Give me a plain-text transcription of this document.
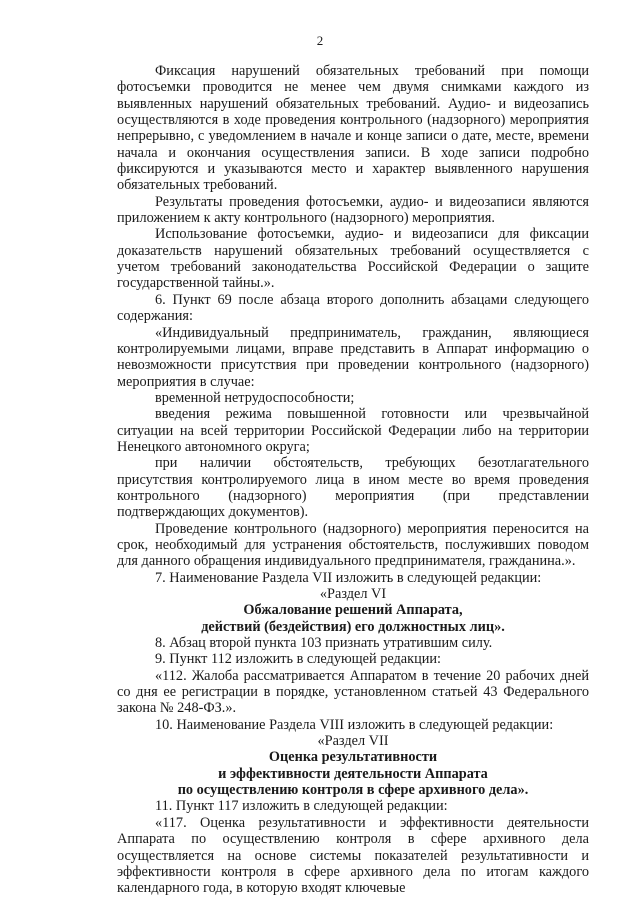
2

Фиксация нарушений обязательных требований при помощи фотосъемки проводится не менее чем двумя снимками каждого из выявленных нарушений обязательных требований. Аудио- и видеозапись осуществляются в ходе проведения контрольного (надзорного) мероприятия непрерывно, с уведомлением в начале и конце записи о дате, месте, времени начала и окончания осуществления записи. В ходе записи подробно фиксируются и указываются место и характер выявленного нарушения обязательных требований.

Результаты проведения фотосъемки, аудио- и видеозаписи являются приложением к акту контрольного (надзорного) мероприятия.

Использование фотосъемки, аудио- и видеозаписи для фиксации доказательств нарушений обязательных требований осуществляется с учетом требований законодательства Российской Федерации о защите государственной тайны.».

6. Пункт 69 после абзаца второго дополнить абзацами следующего содержания:

«Индивидуальный предприниматель, гражданин, являющиеся контролируемыми лицами, вправе представить в Аппарат информацию о невозможности присутствия при проведении контрольного (надзорного) мероприятия в случае:

временной нетрудоспособности;

введения режима повышенной готовности или чрезвычайной ситуации на всей территории Российской Федерации либо на территории Ненецкого автономного округа;

при наличии обстоятельств, требующих безотлагательного присутствия контролируемого лица в ином месте во время проведения контрольного (надзорного) мероприятия (при представлении подтверждающих документов).

Проведение контрольного (надзорного) мероприятия переносится на срок, необходимый для устранения обстоятельств, послуживших поводом для данного обращения индивидуального предпринимателя, гражданина.».

7. Наименование Раздела VII изложить в следующей редакции:

«Раздел VI

Обжалование решений Аппарата,

действий (бездействия) его должностных лиц».

8. Абзац второй пункта 103 признать утратившим силу.

9. Пункт 112 изложить в следующей редакции:

«112. Жалоба рассматривается Аппаратом в течение 20 рабочих дней со дня ее регистрации в порядке, установленном статьей 43 Федерального закона № 248-ФЗ.».

10. Наименование Раздела VIII изложить в следующей редакции:

«Раздел VII

Оценка результативности

и эффективности деятельности Аппарата

по осуществлению контроля в сфере архивного дела».

11. Пункт 117 изложить в следующей редакции:

«117. Оценка результативности и эффективности деятельности Аппарата по осуществлению контроля в сфере архивного дела осуществляется на основе системы показателей результативности и эффективности контроля в сфере архивного дела по итогам каждого календарного года, в которую входят ключевые
